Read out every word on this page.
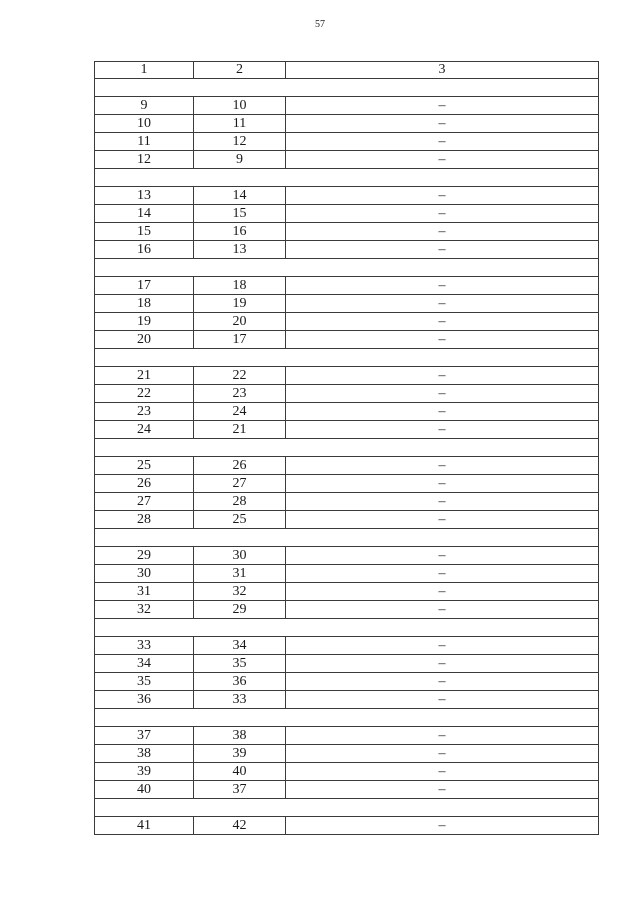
57
1	2	3

9	10	–
10	11	–
11	12	–
12	9	–

13	14	–
14	15	–
15	16	–
16	13	–

17	18	–
18	19	–
19	20	–
20	17	–

21	22	–
22	23	–
23	24	–
24	21	–

25	26	–
26	27	–
27	28	–
28	25	–

29	30	–
30	31	–
31	32	–
32	29	–

33	34	–
34	35	–
35	36	–
36	33	–

37	38	–
38	39	–
39	40	–
40	37	–

41	42	–
